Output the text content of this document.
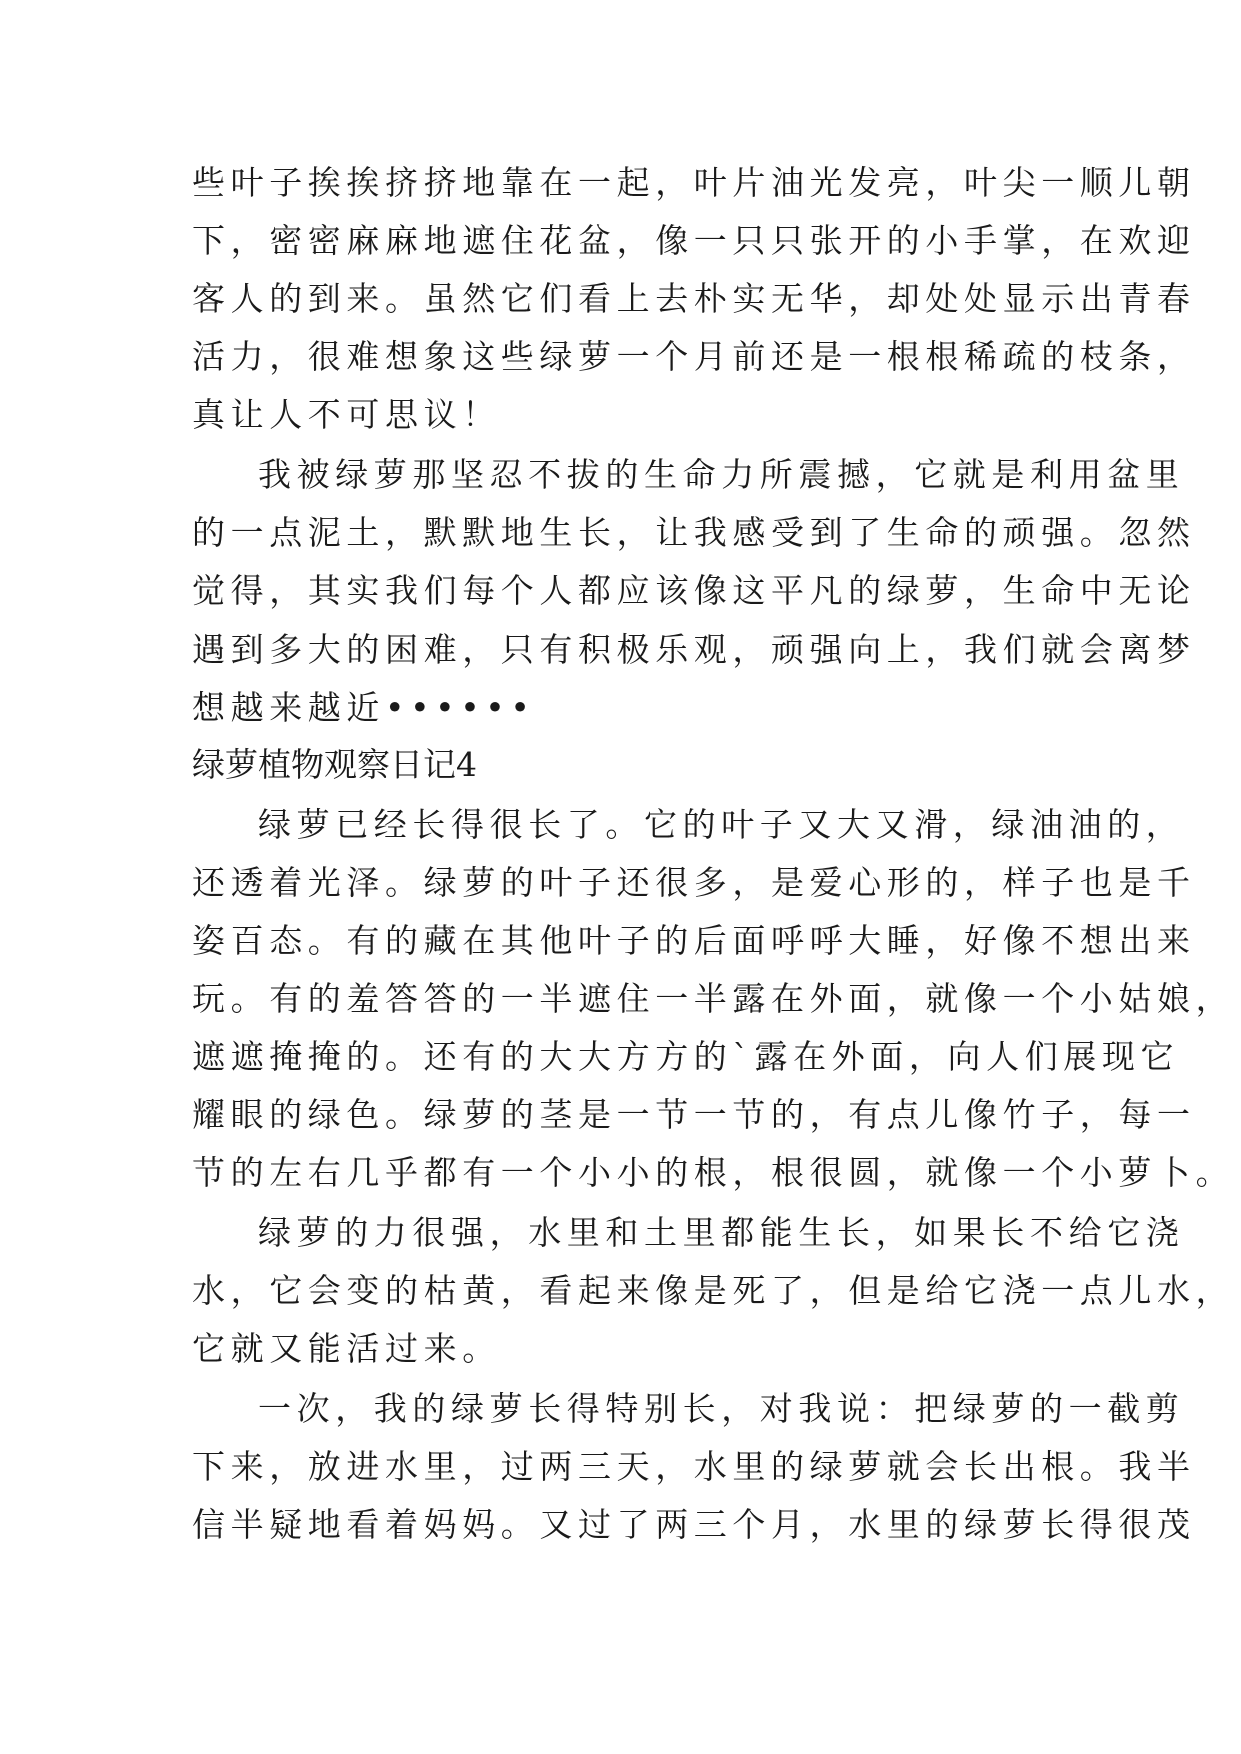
些叶子挨挨挤挤地靠在一起，叶片油光发亮，叶尖一顺儿朝
下，密密麻麻地遮住花盆，像一只只张开的小手掌，在欢迎
客人的到来。虽然它们看上去朴实无华，却处处显示出青春
活力，很难想象这些绿萝一个月前还是一根根稀疏的枝条，
真让人不可思议！
我被绿萝那坚忍不拔的生命力所震撼，它就是利用盆里
的一点泥土，默默地生长，让我感受到了生命的顽强。忽然
觉得，其实我们每个人都应该像这平凡的绿萝，生命中无论
遇到多大的困难，只有积极乐观，顽强向上，我们就会离梦
想越来越近••••••
绿萝植物观察日记4
绿萝已经长得很长了。它的叶子又大又滑，绿油油的，
还透着光泽。绿萝的叶子还很多，是爱心形的，样子也是千
姿百态。有的藏在其他叶子的后面呼呼大睡，好像不想出来
玩。有的羞答答的一半遮住一半露在外面，就像一个小姑娘，
遮遮掩掩的。还有的大大方方的`露在外面，向人们展现它
耀眼的绿色。绿萝的茎是一节一节的，有点儿像竹子，每一
节的左右几乎都有一个小小的根，根很圆，就像一个小萝卜。
绿萝的力很强，水里和土里都能生长，如果长不给它浇
水，它会变的枯黄，看起来像是死了，但是给它浇一点儿水，
它就又能活过来。
一次，我的绿萝长得特别长，对我说：把绿萝的一截剪
下来，放进水里，过两三天，水里的绿萝就会长出根。我半
信半疑地看着妈妈。又过了两三个月，水里的绿萝长得很茂
